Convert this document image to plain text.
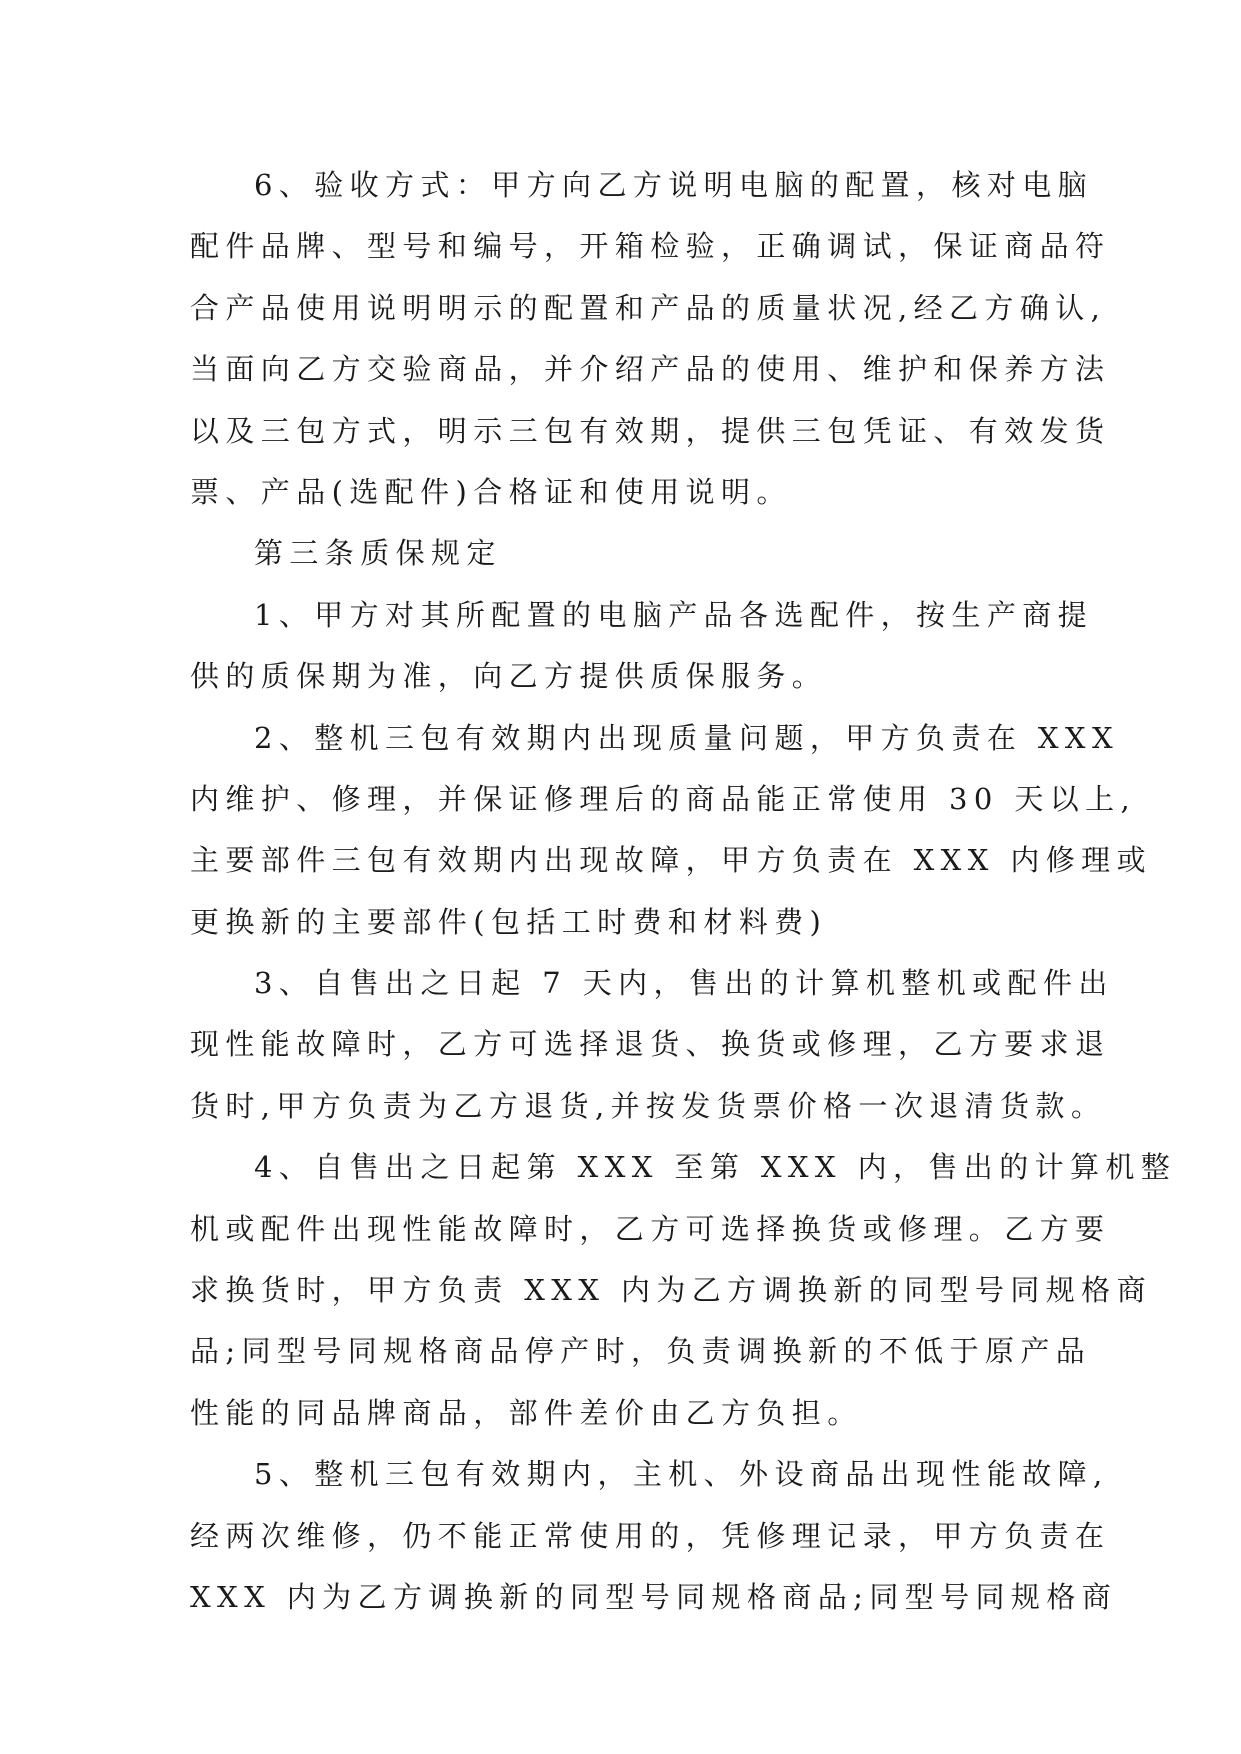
6、验收方式：甲方向乙方说明电脑的配置，核对电脑
配件品牌、型号和编号，开箱检验，正确调试，保证商品符
合产品使用说明明示的配置和产品的质量状况,经乙方确认,
当面向乙方交验商品，并介绍产品的使用、维护和保养方法
以及三包方式，明示三包有效期，提供三包凭证、有效发货
票、产品(选配件)合格证和使用说明。
第三条质保规定
1、甲方对其所配置的电脑产品各选配件，按生产商提
供的质保期为准，向乙方提供质保服务。
2、整机三包有效期内出现质量问题，甲方负责在 XXX
内维护、修理，并保证修理后的商品能正常使用 30 天以上,
主要部件三包有效期内出现故障，甲方负责在 XXX 内修理或
更换新的主要部件(包括工时费和材料费)
3、自售出之日起 7 天内，售出的计算机整机或配件出
现性能故障时，乙方可选择退货、换货或修理，乙方要求退
货时,甲方负责为乙方退货,并按发货票价格一次退清货款。
4、自售出之日起第 XXX 至第 XXX 内，售出的计算机整
机或配件出现性能故障时，乙方可选择换货或修理。乙方要
求换货时，甲方负责 XXX 内为乙方调换新的同型号同规格商
品;同型号同规格商品停产时，负责调换新的不低于原产品
性能的同品牌商品，部件差价由乙方负担。
5、整机三包有效期内，主机、外设商品出现性能故障,
经两次维修，仍不能正常使用的，凭修理记录，甲方负责在
XXX 内为乙方调换新的同型号同规格商品;同型号同规格商
